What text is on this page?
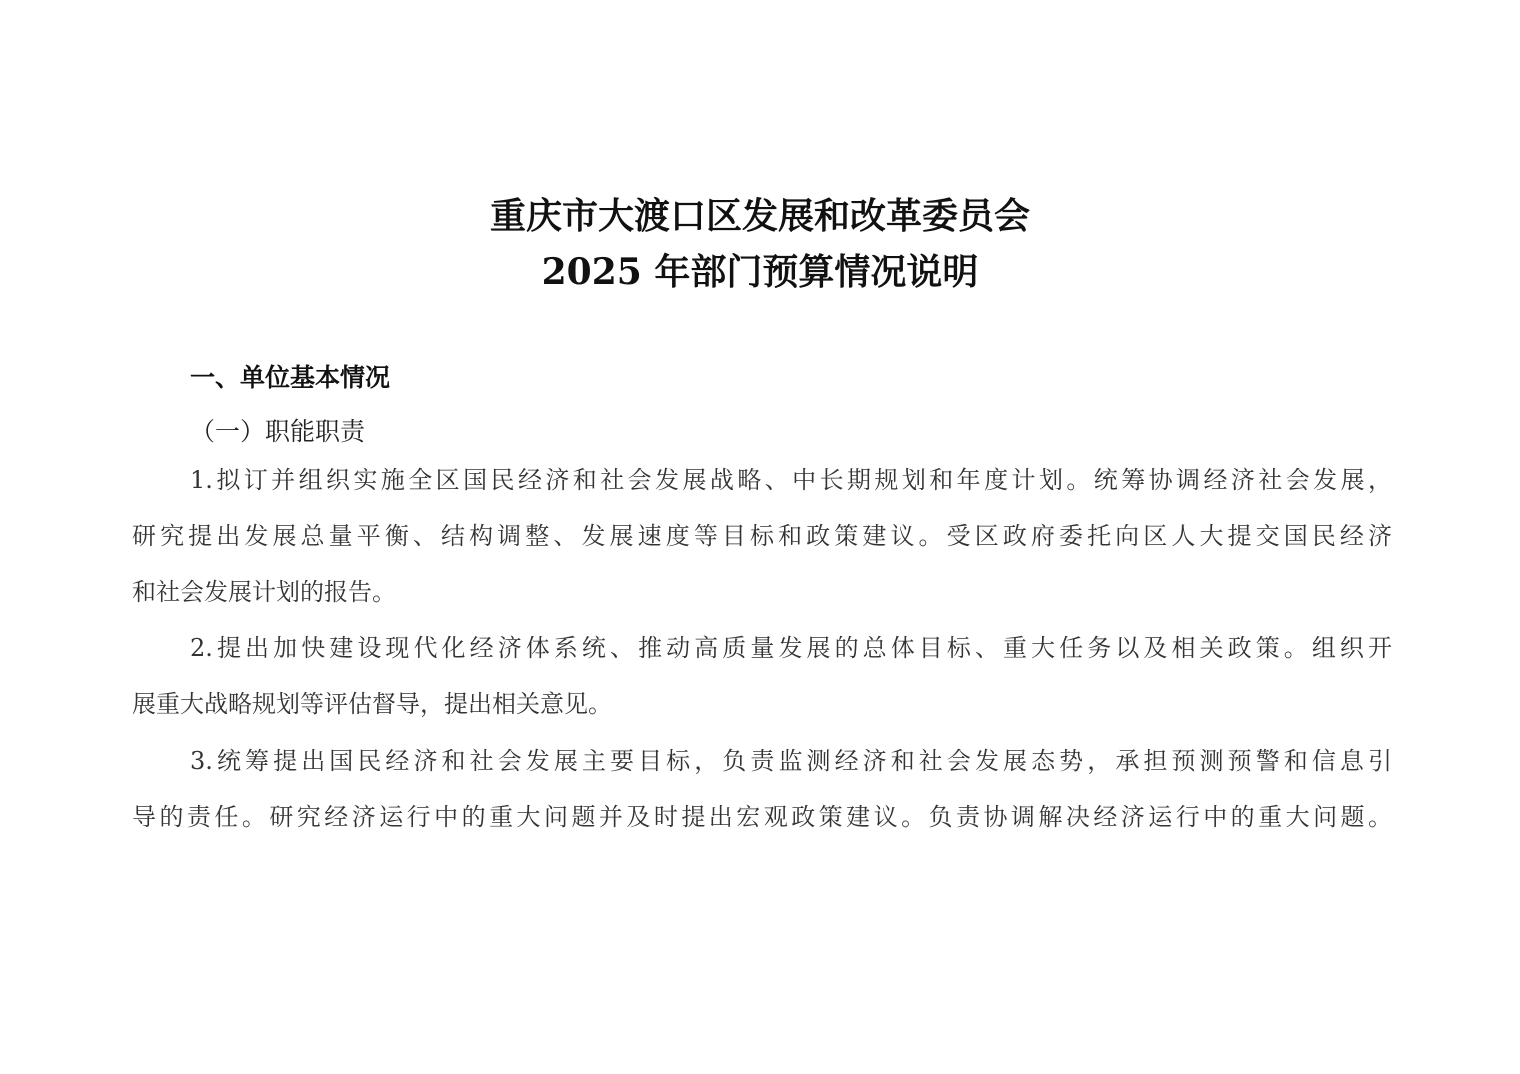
重庆市大渡口区发展和改革委员会
2025 年部门预算情况说明
一、单位基本情况
（一）职能职责
1.拟订并组织实施全区国民经济和社会发展战略、中长期规划和年度计划。统筹协调经济社会发展，
研究提出发展总量平衡、结构调整、发展速度等目标和政策建议。受区政府委托向区人大提交国民经济
和社会发展计划的报告。
2.提出加快建设现代化经济体系统、推动高质量发展的总体目标、重大任务以及相关政策。组织开
展重大战略规划等评估督导，提出相关意见。
3.统筹提出国民经济和社会发展主要目标，负责监测经济和社会发展态势，承担预测预警和信息引
导的责任。研究经济运行中的重大问题并及时提出宏观政策建议。负责协调解决经济运行中的重大问题。
